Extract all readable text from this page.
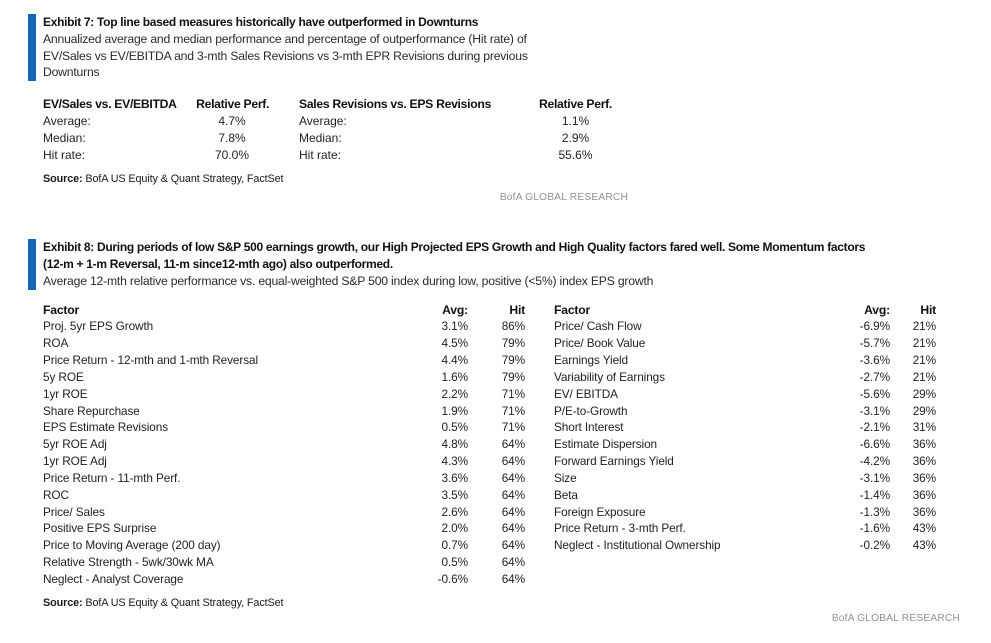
Exhibit 7: Top line based measures historically have outperformed in Downturns
Annualized average and median performance and percentage of outperformance (Hit rate) of
EV/Sales vs EV/EBITDA and 3-mth Sales Revisions vs 3-mth EPR Revisions during previous
Downturns
EV/Sales vs. EV/EBITDA	Relative Perf.
Average:	4.7%
Median:	7.8%
Hit rate:	70.0%
Sales Revisions vs. EPS Revisions	Relative Perf.
Average:	1.1%
Median:	2.9%
Hit rate:	55.6%
Source: BofA US Equity & Quant Strategy, FactSet
BofA GLOBAL RESEARCH
Exhibit 8: During periods of low S&P 500 earnings growth, our High Projected EPS Growth and High Quality factors fared well. Some Momentum factors
(12-m + 1-m Reversal, 11-m since12-mth ago) also outperformed.
Average 12-mth relative performance vs. equal-weighted S&P 500 index during low, positive (<5%) index EPS growth
Factor	Avg:	Hit
Proj. 5yr EPS Growth	3.1%	86%
ROA	4.5%	79%
Price Return - 12-mth and 1-mth Reversal	4.4%	79%
5y ROE	1.6%	79%
1yr ROE	2.2%	71%
Share Repurchase	1.9%	71%
EPS Estimate Revisions	0.5%	71%
5yr ROE Adj	4.8%	64%
1yr ROE Adj	4.3%	64%
Price Return - 11-mth Perf.	3.6%	64%
ROC	3.5%	64%
Price/ Sales	2.6%	64%
Positive EPS Surprise	2.0%	64%
Price to Moving Average (200 day)	0.7%	64%
Relative Strength - 5wk/30wk MA	0.5%	64%
Neglect - Analyst Coverage	-0.6%	64%
Factor	Avg:	Hit
Price/ Cash Flow	-6.9%	21%
Price/ Book Value	-5.7%	21%
Earnings Yield	-3.6%	21%
Variability of Earnings	-2.7%	21%
EV/ EBITDA	-5.6%	29%
P/E-to-Growth	-3.1%	29%
Short Interest	-2.1%	31%
Estimate Dispersion	-6.6%	36%
Forward Earnings Yield	-4.2%	36%
Size	-3.1%	36%
Beta	-1.4%	36%
Foreign Exposure	-1.3%	36%
Price Return - 3-mth Perf.	-1.6%	43%
Neglect - Institutional Ownership	-0.2%	43%
Source: BofA US Equity & Quant Strategy, FactSet
BofA GLOBAL RESEARCH
